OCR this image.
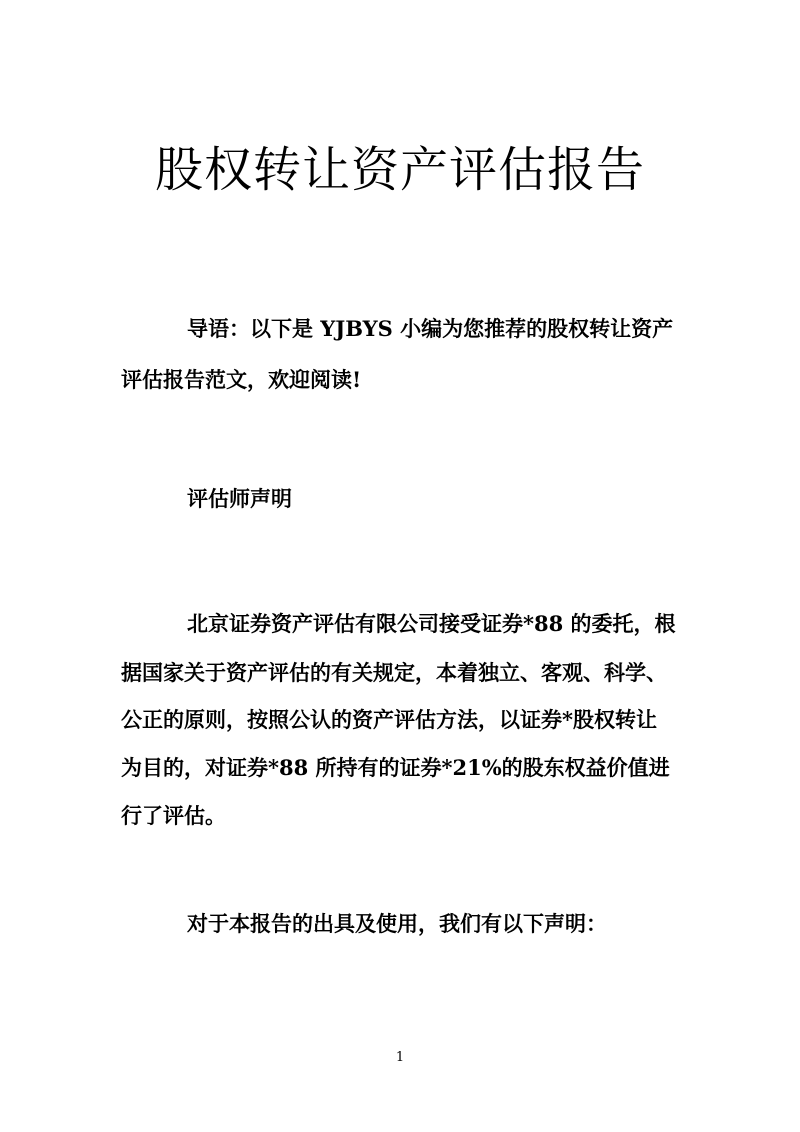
股权转让资产评估报告
导语：以下是 YJBYS 小编为您推荐的股权转让资产
评估报告范文，欢迎阅读!
评估师声明
北京证券资产评估有限公司接受证券*88 的委托，根
据国家关于资产评估的有关规定，本着独立、客观、科学、
公正的原则，按照公认的资产评估方法，以证券*股权转让
为目的，对证券*88 所持有的证券*21%的股东权益价值进
行了评估。
对于本报告的出具及使用，我们有以下声明：
1
